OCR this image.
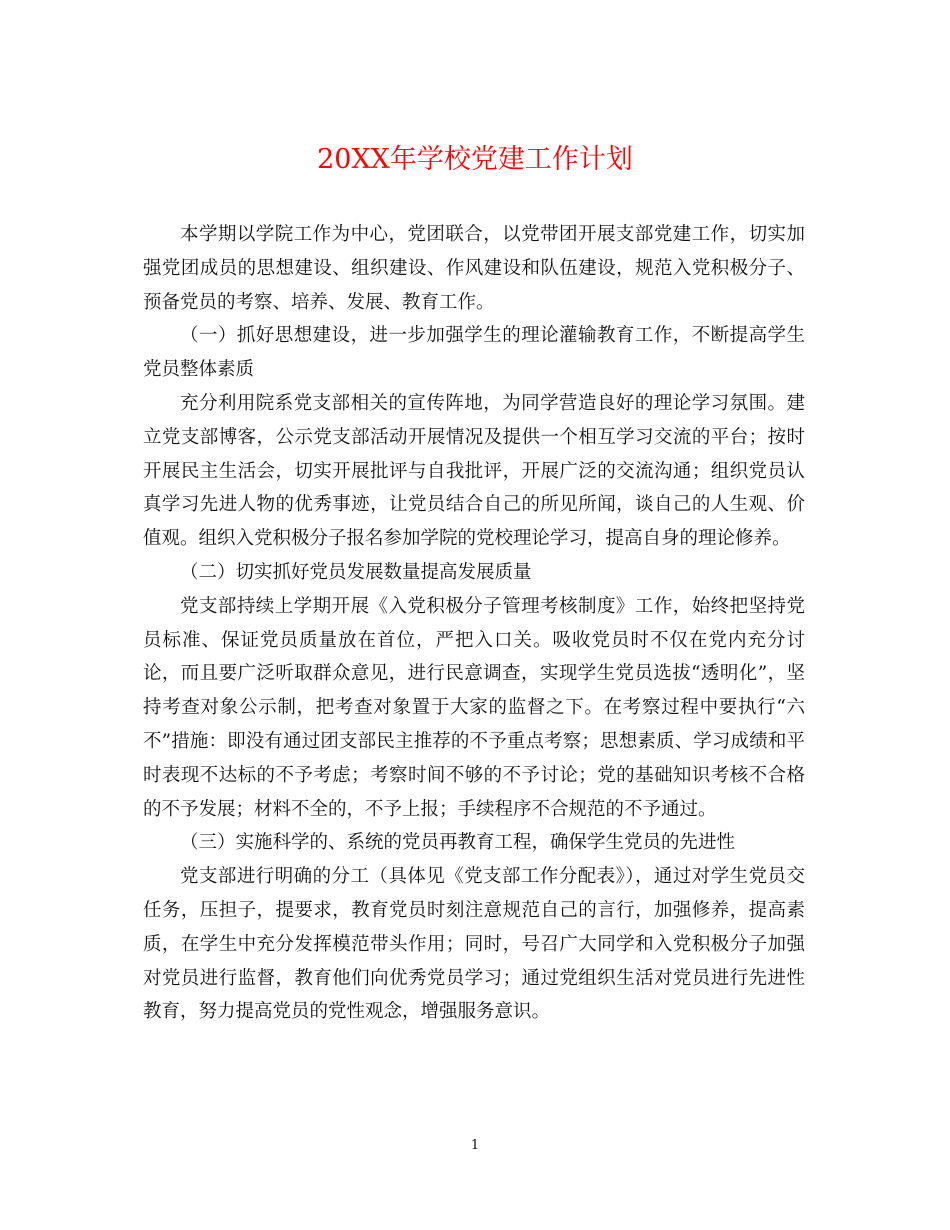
20XX年学校党建工作计划

本学期以学院工作为中心，党团联合，以党带团开展支部党建工作，切实加强党团成员的思想建设、组织建设、作风建设和队伍建设，规范入党积极分子、预备党员的考察、培养、发展、教育工作。

（一）抓好思想建设，进一步加强学生的理论灌输教育工作，不断提高学生党员整体素质

充分利用院系党支部相关的宣传阵地，为同学营造良好的理论学习氛围。建立党支部博客，公示党支部活动开展情况及提供一个相互学习交流的平台；按时开展民主生活会，切实开展批评与自我批评，开展广泛的交流沟通；组织党员认真学习先进人物的优秀事迹，让党员结合自己的所见所闻，谈自己的人生观、价值观。组织入党积极分子报名参加学院的党校理论学习，提高自身的理论修养。

（二）切实抓好党员发展数量提高发展质量

党支部持续上学期开展《入党积极分子管理考核制度》工作，始终把坚持党员标准、保证党员质量放在首位，严把入口关。吸收党员时不仅在党内充分讨论，而且要广泛听取群众意见，进行民意调查，实现学生党员选拔“透明化”，坚持考查对象公示制，把考查对象置于大家的监督之下。在考察过程中要执行“六不”措施：即没有通过团支部民主推荐的不予重点考察；思想素质、学习成绩和平时表现不达标的不予考虑；考察时间不够的不予讨论；党的基础知识考核不合格的不予发展；材料不全的，不予上报；手续程序不合规范的不予通过。

（三）实施科学的、系统的党员再教育工程，确保学生党员的先进性

党支部进行明确的分工（具体见《党支部工作分配表》），通过对学生党员交任务，压担子，提要求，教育党员时刻注意规范自己的言行，加强修养，提高素质，在学生中充分发挥模范带头作用；同时，号召广大同学和入党积极分子加强对党员进行监督，教育他们向优秀党员学习；通过党组织生活对党员进行先进性教育，努力提高党员的党性观念，增强服务意识。

1
